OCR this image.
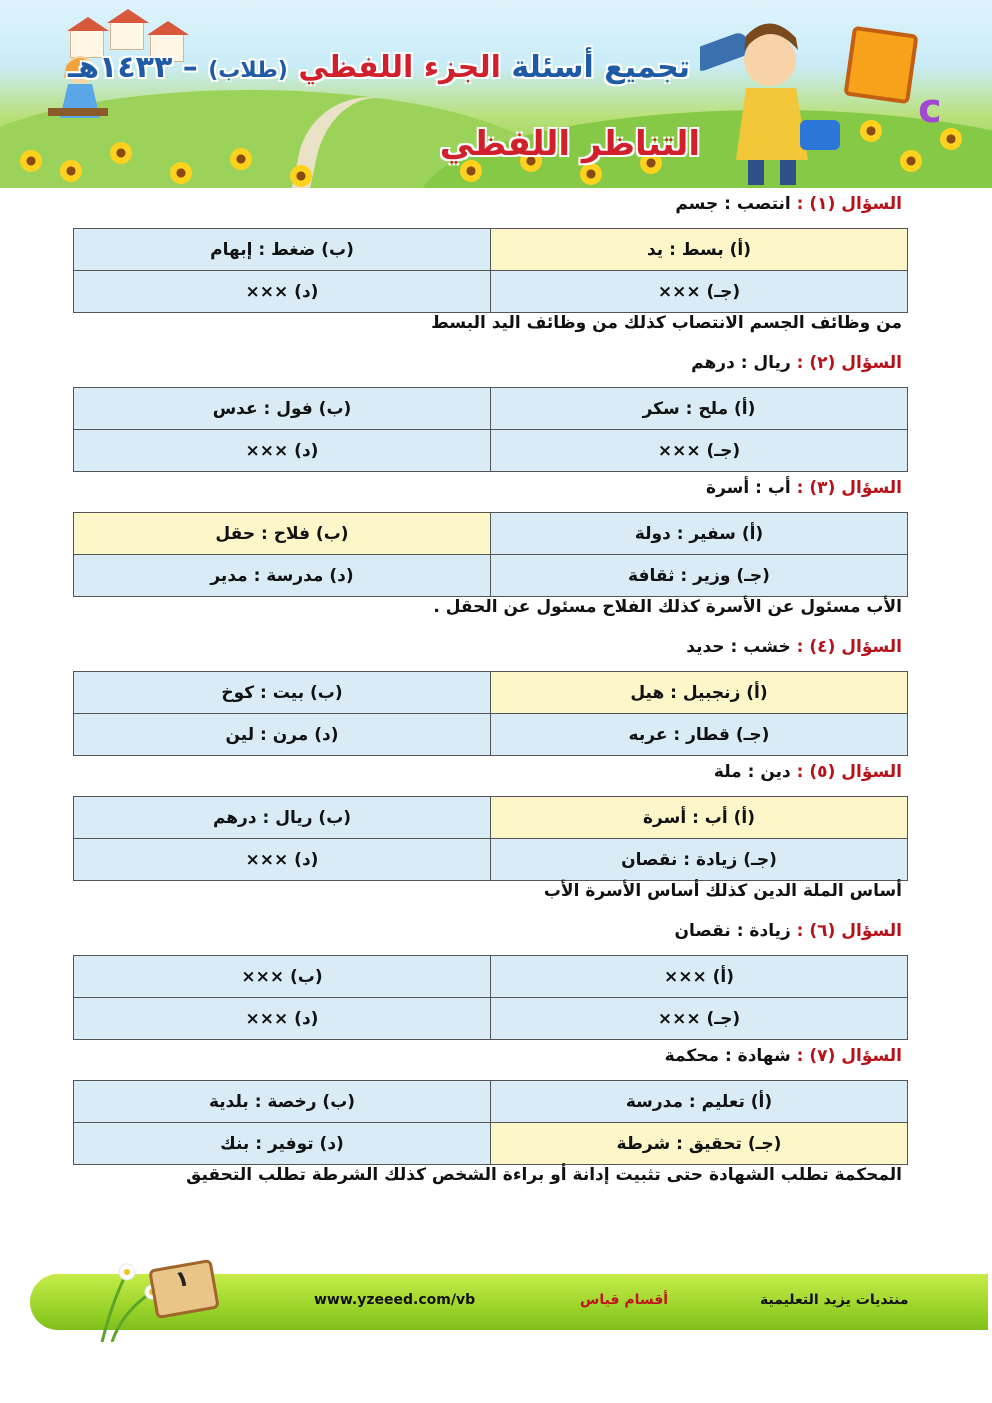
c
تجميع أسئلة الجزء اللفظي (طلاب) – ١٤٣٣هـ
التناظر اللفظي
السؤال (١) : انتصب : جسم
(أ) بسط : يد	(ب) ضغط : إبهام
(جـ) ×××	(د) ×××
من وظائف الجسم الانتصاب كذلك من وظائف اليد البسط
السؤال (٢) : ريال : درهم
(أ) ملح : سكر	(ب) فول : عدس
(جـ) ×××	(د) ×××
السؤال (٣) : أب : أسرة
(أ) سفير : دولة	(ب) فلاح : حقل
(جـ) وزير : ثقافة	(د) مدرسة : مدير
الأب مسئول عن الأسرة كذلك الفلاح مسئول عن الحقل .
السؤال (٤) : خشب : حديد
(أ) زنجبيل : هيل	(ب) بيت : كوخ
(جـ) قطار : عربه	(د) مرن : لين
السؤال (٥) : دين : ملة
(أ) أب : أسرة	(ب) ريال : درهم
(جـ) زيادة : نقصان	(د) ×××
أساس الملة الدين كذلك أساس الأسرة الأب
السؤال (٦) : زيادة : نقصان
(أ) ×××	(ب) ×××
(جـ) ×××	(د) ×××
السؤال (٧) : شهادة : محكمة
(أ) تعليم : مدرسة	(ب) رخصة : بلدية
(جـ) تحقيق : شرطة	(د) توفير : بنك
المحكمة تطلب الشهادة حتى تثبيت إدانة أو براءة الشخص كذلك الشرطة تطلب التحقيق
١
www.yzeeed.com/vb	أقسام قياس	منتديات يزيد التعليمية
